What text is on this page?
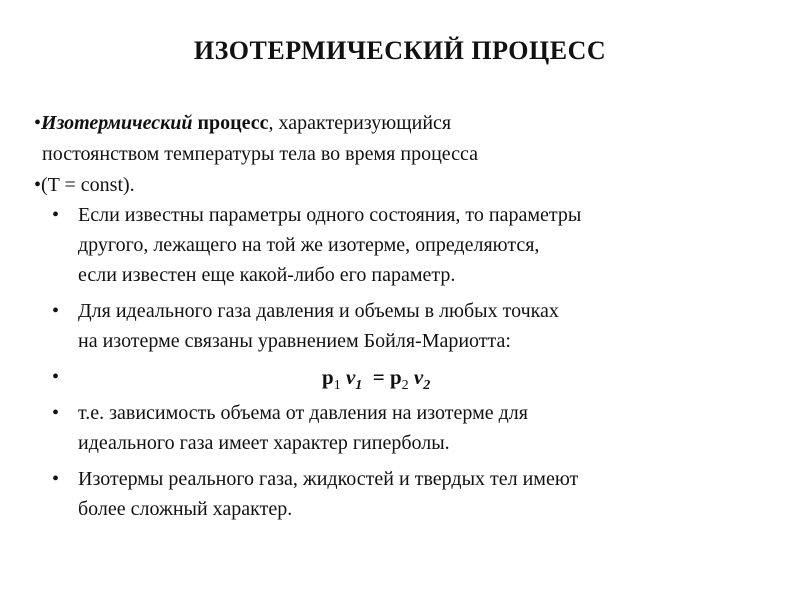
ИЗОТЕРМИЧЕСКИЙ ПРОЦЕСС
•Изотермический процесс, характеризующийся
постоянством температуры тела во время процесса
•(T = const).
• Если известны параметры одного состояния, то параметры
другого, лежащего на той же изотерме, определяются,
если известен еще какой-либо его параметр.
• Для идеального газа давления и объемы в любых точках
на изотерме связаны уравнением Бойля-Мариотта:
•	$p_1$ $v_1 = p_2$ $v_2$
• т.е. зависимость объема от давления на изотерме для
идеального газа имеет характер гиперболы.
• Изотермы реального газа, жидкостей и твердых тел имеют
более сложный характер.
